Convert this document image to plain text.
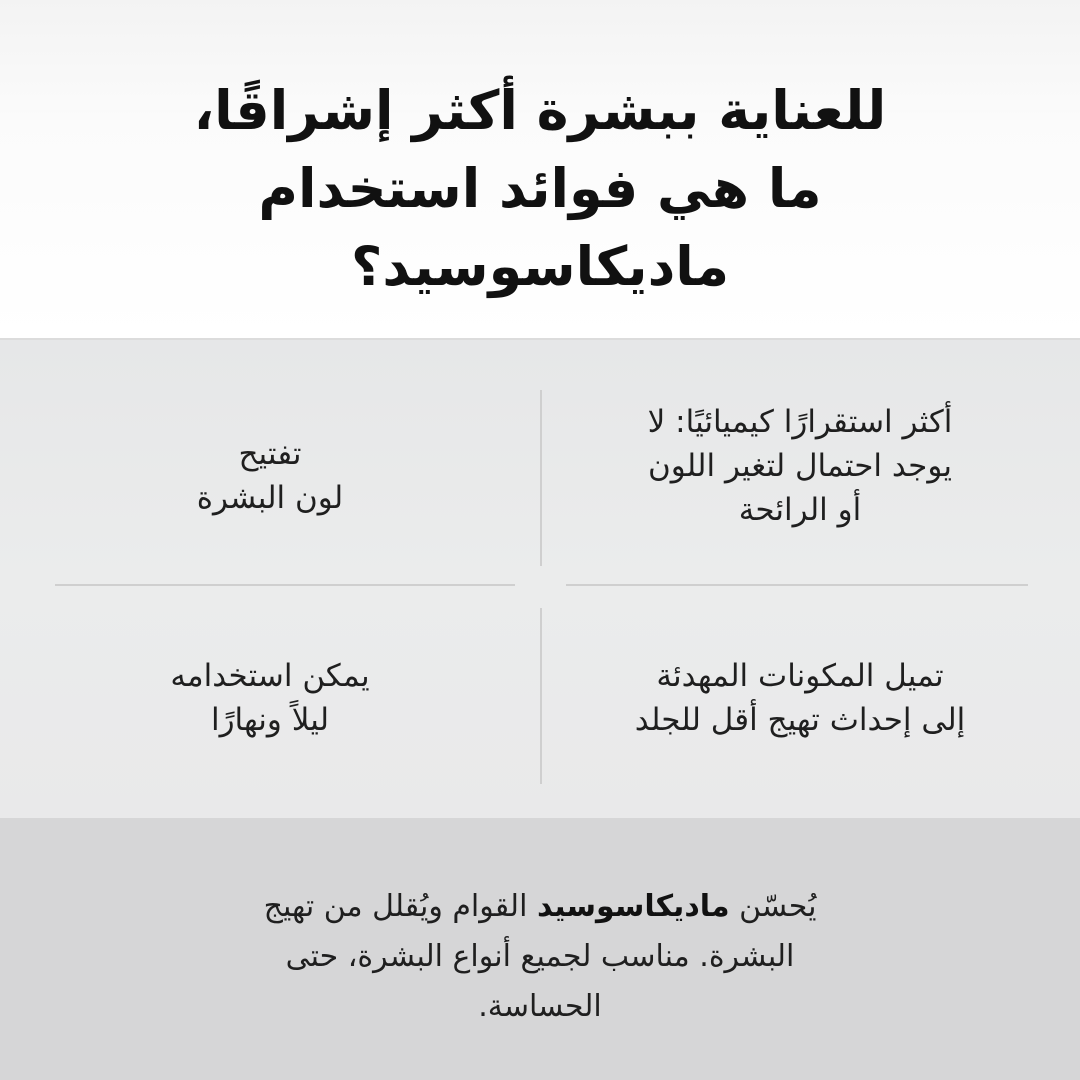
للعناية ببشرة أكثر إشراقًا،
ما هي فوائد استخدام
ماديكاسوسيد؟
أكثر استقرارًا كيميائيًا: لا
يوجد احتمال لتغير اللون
أو الرائحة
تفتيح
لون البشرة
تميل المكونات المهدئة
إلى إحداث تهيج أقل للجلد
يمكن استخدامه
ليلاً ونهارًا

يُحسّن ماديكاسوسيد القوام ويُقلل من تهيج
البشرة. مناسب لجميع أنواع البشرة، حتى
الحساسة.
